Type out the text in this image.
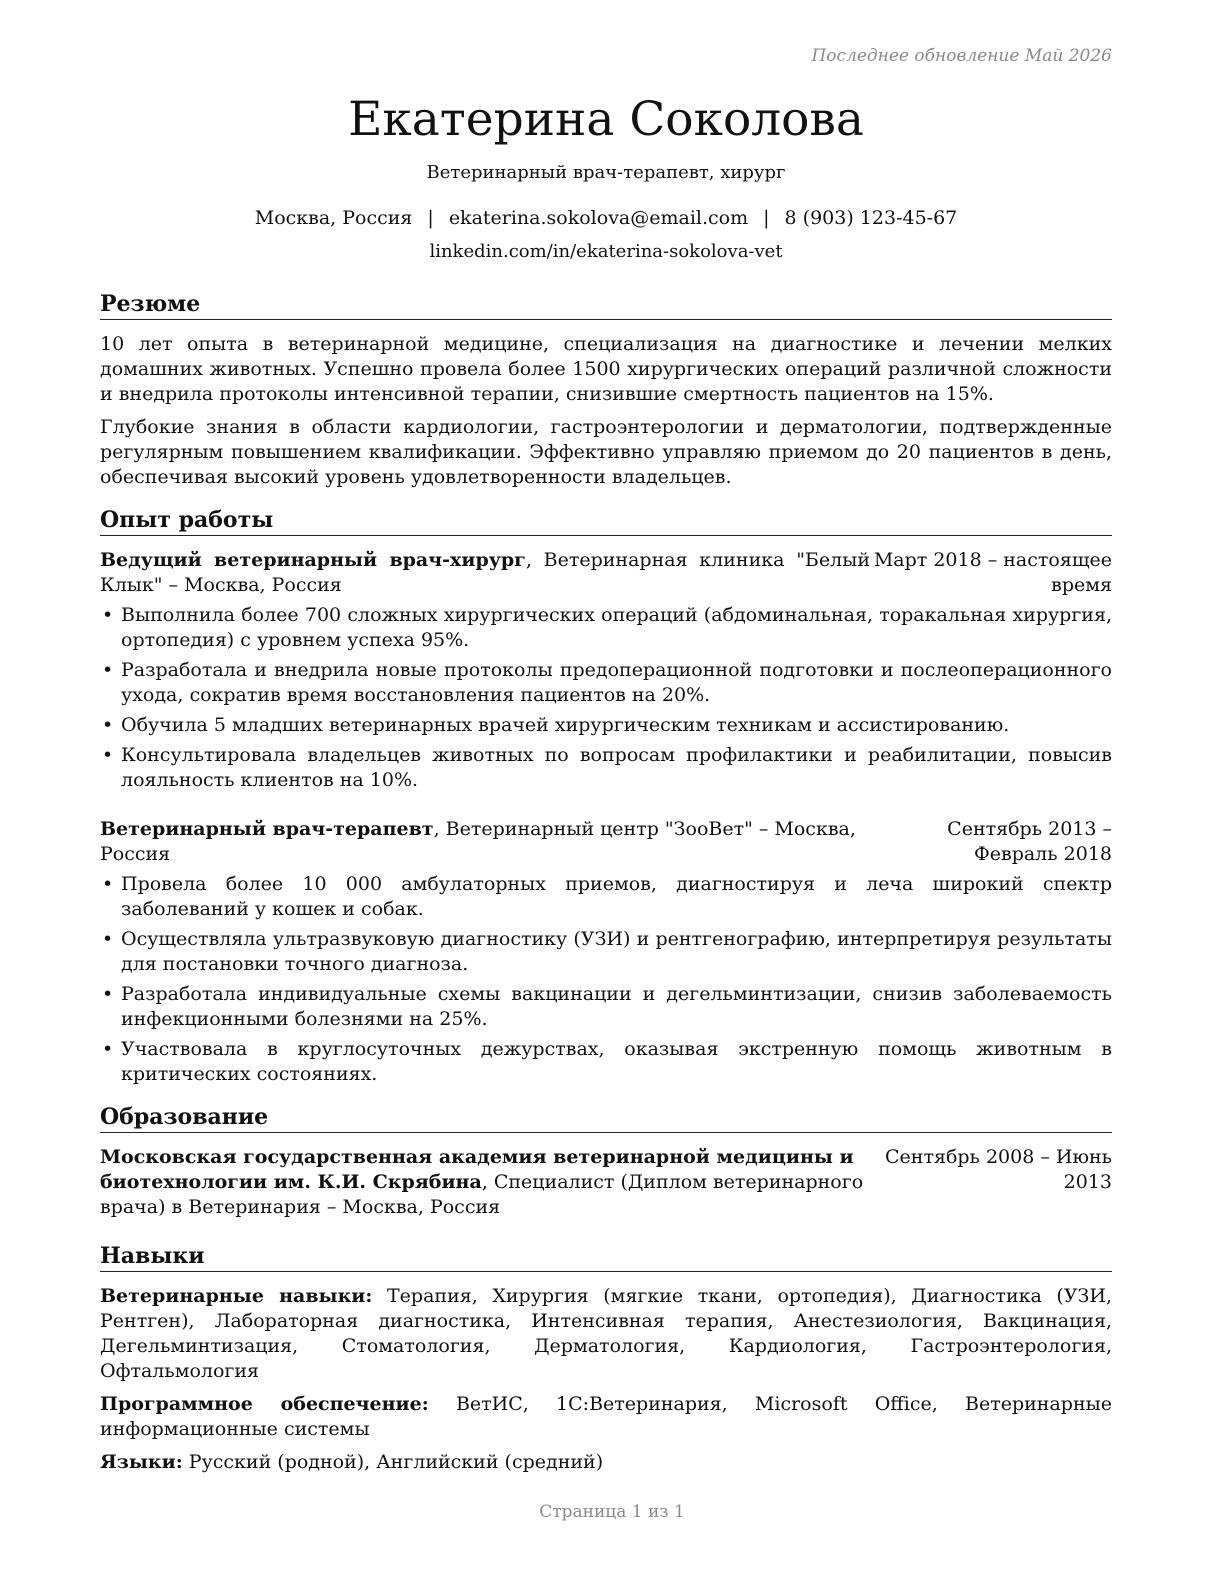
Последнее обновление Май 2026
Екатерина Соколова
Ветеринарный врач-терапевт, хирург
Москва, Россия | ekaterina.sokolova@email.com | 8 (903) 123-45-67
linkedin.com/in/ekaterina-sokolova-vet
Резюме

10 лет опыта в ветеринарной медицине, специализация на диагностике и лечении мелких домашних животных. Успешно провела более 1500 хирургических операций различной сложности и внедрила протоколы интенсивной терапии, снизившие смертность пациентов на 15%.

Глубокие знания в области кардиологии, гастроэнтерологии и дерматологии, подтвержденные регулярным повышением квалификации. Эффективно управляю приемом до 20 пациентов в день, обеспечивая высокий уровень удовлетворенности владельцев.

Опыт работы
Ведущий ветеринарный врач-хирург, Ветеринарная клиника "Белый Клык" – Москва, Россия
Март 2018 – настоящее время
• Выполнила более 700 сложных хирургических операций (абдоминальная, торакальная хирургия, ортопедия) с уровнем успеха 95%.
• Разработала и внедрила новые протоколы предоперационной подготовки и послеоперационного ухода, сократив время восстановления пациентов на 20%.
• Обучила 5 младших ветеринарных врачей хирургическим техникам и ассистированию.
• Консультировала владельцев животных по вопросам профилактики и реабилитации, повысив лояльность клиентов на 10%.
Ветеринарный врач-терапевт, Ветеринарный центр "ЗооВет" – Москва, Россия
Сентябрь 2013 – Февраль 2018
• Провела более 10 000 амбулаторных приемов, диагностируя и леча широкий спектр заболеваний у кошек и собак.
• Осуществляла ультразвуковую диагностику (УЗИ) и рентгенографию, интерпретируя результаты для постановки точного диагноза.
• Разработала индивидуальные схемы вакцинации и дегельминтизации, снизив заболеваемость инфекционными болезнями на 25%.
• Участвовала в круглосуточных дежурствах, оказывая экстренную помощь животным в критических состояниях.
Образование
Московская государственная академия ветеринарной медицины и биотехнологии им. К.И. Скрябина, Специалист (Диплом ветеринарного врача) в Ветеринария – Москва, Россия
Сентябрь 2008 – Июнь 2013
Навыки

Ветеринарные навыки: Терапия, Хирургия (мягкие ткани, ортопедия), Диагностика (УЗИ, Рентген), Лабораторная диагностика, Интенсивная терапия, Анестезиология, Вакцинация, Дегельминтизация, Стоматология, Дерматология, Кардиология, Гастроэнтерология, Офтальмология

Программное обеспечение: ВетИС, 1С:Ветеринария, Microsoft Office, Ветеринарные информационные системы

Языки: Русский (родной), Английский (средний)

Страница 1 из 1
